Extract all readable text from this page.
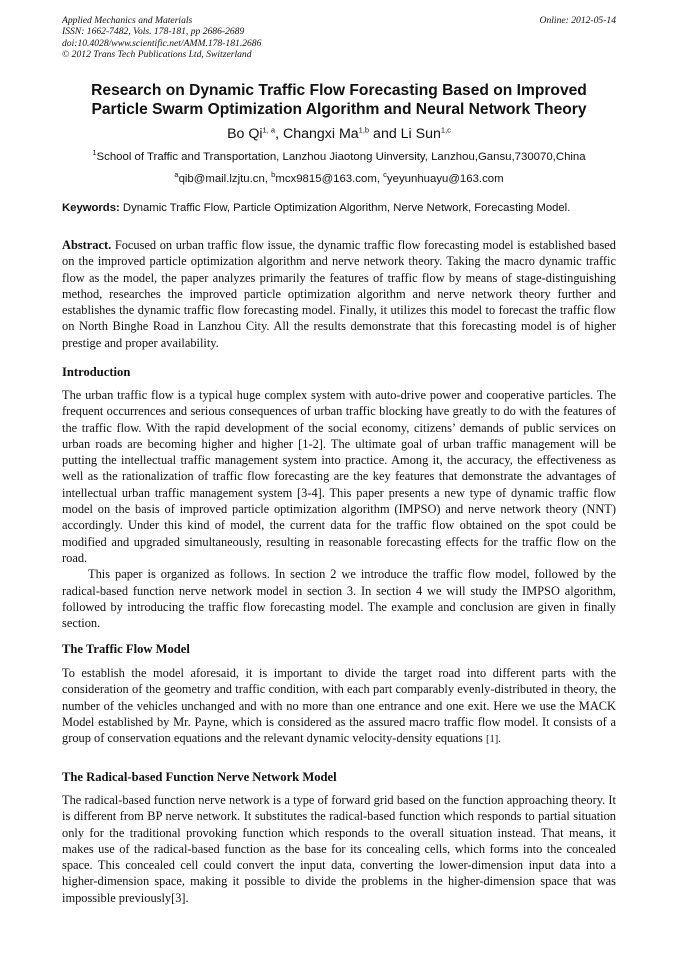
Applied Mechanics and Materials
ISSN: 1662-7482, Vols. 178-181, pp 2686-2689
doi:10.4028/www.scientific.net/AMM.178-181.2686
© 2012 Trans Tech Publications Ltd, Switzerland
Online: 2012-05-14
Research on Dynamic Traffic Flow Forecasting Based on Improved Particle Swarm Optimization Algorithm and Neural Network Theory
Bo Qi$^{1, a}$, Changxi Ma$^{1,b}$ and Li Sun$^{1,c}$
$^1$School of Traffic and Transportation, Lanzhou Jiaotong Uinversity, Lanzhou,Gansu,730070,China
$^a$qib@mail.lzjtu.cn, $^b$mcx9815@163.com, $^c$yeyunhuayu@163.com
Keywords: Dynamic Traffic Flow, Particle Optimization Algorithm, Nerve Network, Forecasting Model.

Abstract. Focused on urban traffic flow issue, the dynamic traffic flow forecasting model is established based on the improved particle optimization algorithm and nerve network theory. Taking the macro dynamic traffic flow as the model, the paper analyzes primarily the features of traffic flow by means of stage-distinguishing method, researches the improved particle optimization algorithm and nerve network theory further and establishes the dynamic traffic flow forecasting model. Finally, it utilizes this model to forecast the traffic flow on North Binghe Road in Lanzhou City. All the results demonstrate that this forecasting model is of higher prestige and proper availability.

Introduction

The urban traffic flow is a typical huge complex system with auto-drive power and cooperative particles. The frequent occurrences and serious consequences of urban traffic blocking have greatly to do with the features of the traffic flow. With the rapid development of the social economy, citizens’ demands of public services on urban roads are becoming higher and higher [1-2]. The ultimate goal of urban traffic management will be putting the intellectual traffic management system into practice. Among it, the accuracy, the effectiveness as well as the rationalization of traffic flow forecasting are the key features that demonstrate the advantages of intellectual urban traffic management system [3-4]. This paper presents a new type of dynamic traffic flow model on the basis of improved particle optimization algorithm (IMPSO) and nerve network theory (NNT) accordingly. Under this kind of model, the current data for the traffic flow obtained on the spot could be modified and upgraded simultaneously, resulting in reasonable forecasting effects for the traffic flow on the road.

This paper is organized as follows. In section 2 we introduce the traffic flow model, followed by the radical-based function nerve network model in section 3. In section 4 we will study the IMPSO algorithm, followed by introducing the traffic flow forecasting model. The example and conclusion are given in finally section.

The Traffic Flow Model

To establish the model aforesaid, it is important to divide the target road into different parts with the consideration of the geometry and traffic condition, with each part comparably evenly-distributed in theory, the number of the vehicles unchanged and with no more than one entrance and one exit. Here we use the MACK Model established by Mr. Payne, which is considered as the assured macro traffic flow model. It consists of a group of conservation equations and the relevant dynamic velocity-density equations [1].

The Radical-based Function Nerve Network Model

The radical-based function nerve network is a type of forward grid based on the function approaching theory. It is different from BP nerve network. It substitutes the radical-based function which responds to partial situation only for the traditional provoking function which responds to the overall situation instead. That means, it makes use of the radical-based function as the base for its concealing cells, which forms into the concealed space. This concealed cell could convert the input data, converting the lower-dimension input data into a higher-dimension space, making it possible to divide the problems in the higher-dimension space that was impossible previously[3].
